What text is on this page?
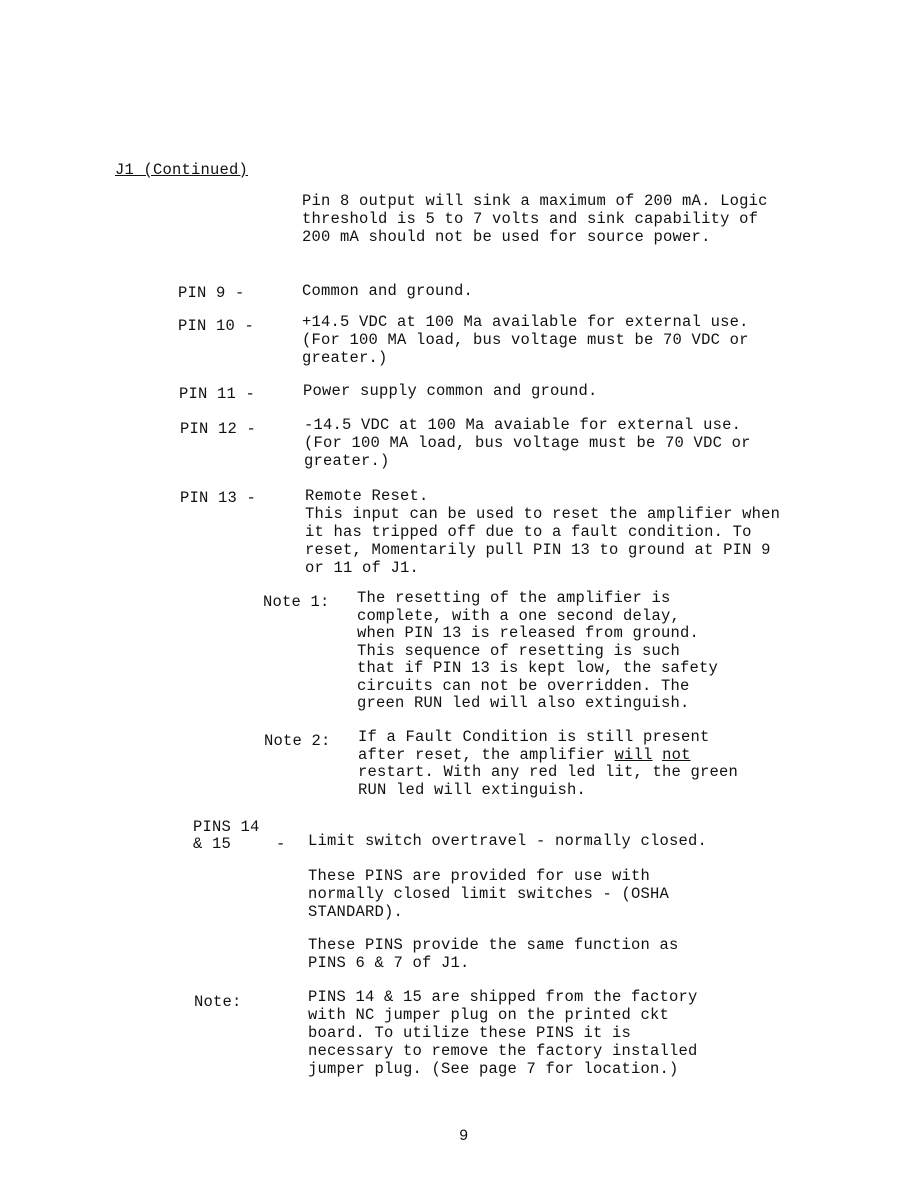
J1 (Continued)
Pin 8 output will sink a maximum of 200 mA. Logic
threshold is 5 to 7 volts and sink capability of
200 mA should not be used for source power.
PIN 9 -	Common and ground.
PIN 10 -	+14.5 VDC at 100 Ma available for external use.
(For 100 MA load, bus voltage must be 70 VDC or
greater.)
PIN 11 -	Power supply common and ground.
PIN 12 -	-14.5 VDC at 100 Ma avaiable for external use.
(For 100 MA load, bus voltage must be 70 VDC or
greater.)
PIN 13 -	Remote Reset.
This input can be used to reset the amplifier when
it has tripped off due to a fault condition. To
reset, Momentarily pull PIN 13 to ground at PIN 9
or 11 of J1.
Note 1: The resetting of the amplifier is
complete, with a one second delay,
when PIN 13 is released from ground.
This sequence of resetting is such
that if PIN 13 is kept low, the safety
circuits can not be overridden. The
green RUN led will also extinguish.
Note 2: If a Fault Condition is still present
after reset, the amplifier will not
restart. With any red led lit, the green
RUN led will extinguish.
PINS 14
& 15	- Limit switch overtravel - normally closed.
These PINS are provided for use with
normally closed limit switches - (OSHA
STANDARD).
These PINS provide the same function as
PINS 6 & 7 of J1.
Note:	PINS 14 & 15 are shipped from the factory
with NC jumper plug on the printed ckt
board. To utilize these PINS it is
necessary to remove the factory installed
jumper plug. (See page 7 for location.)
9
